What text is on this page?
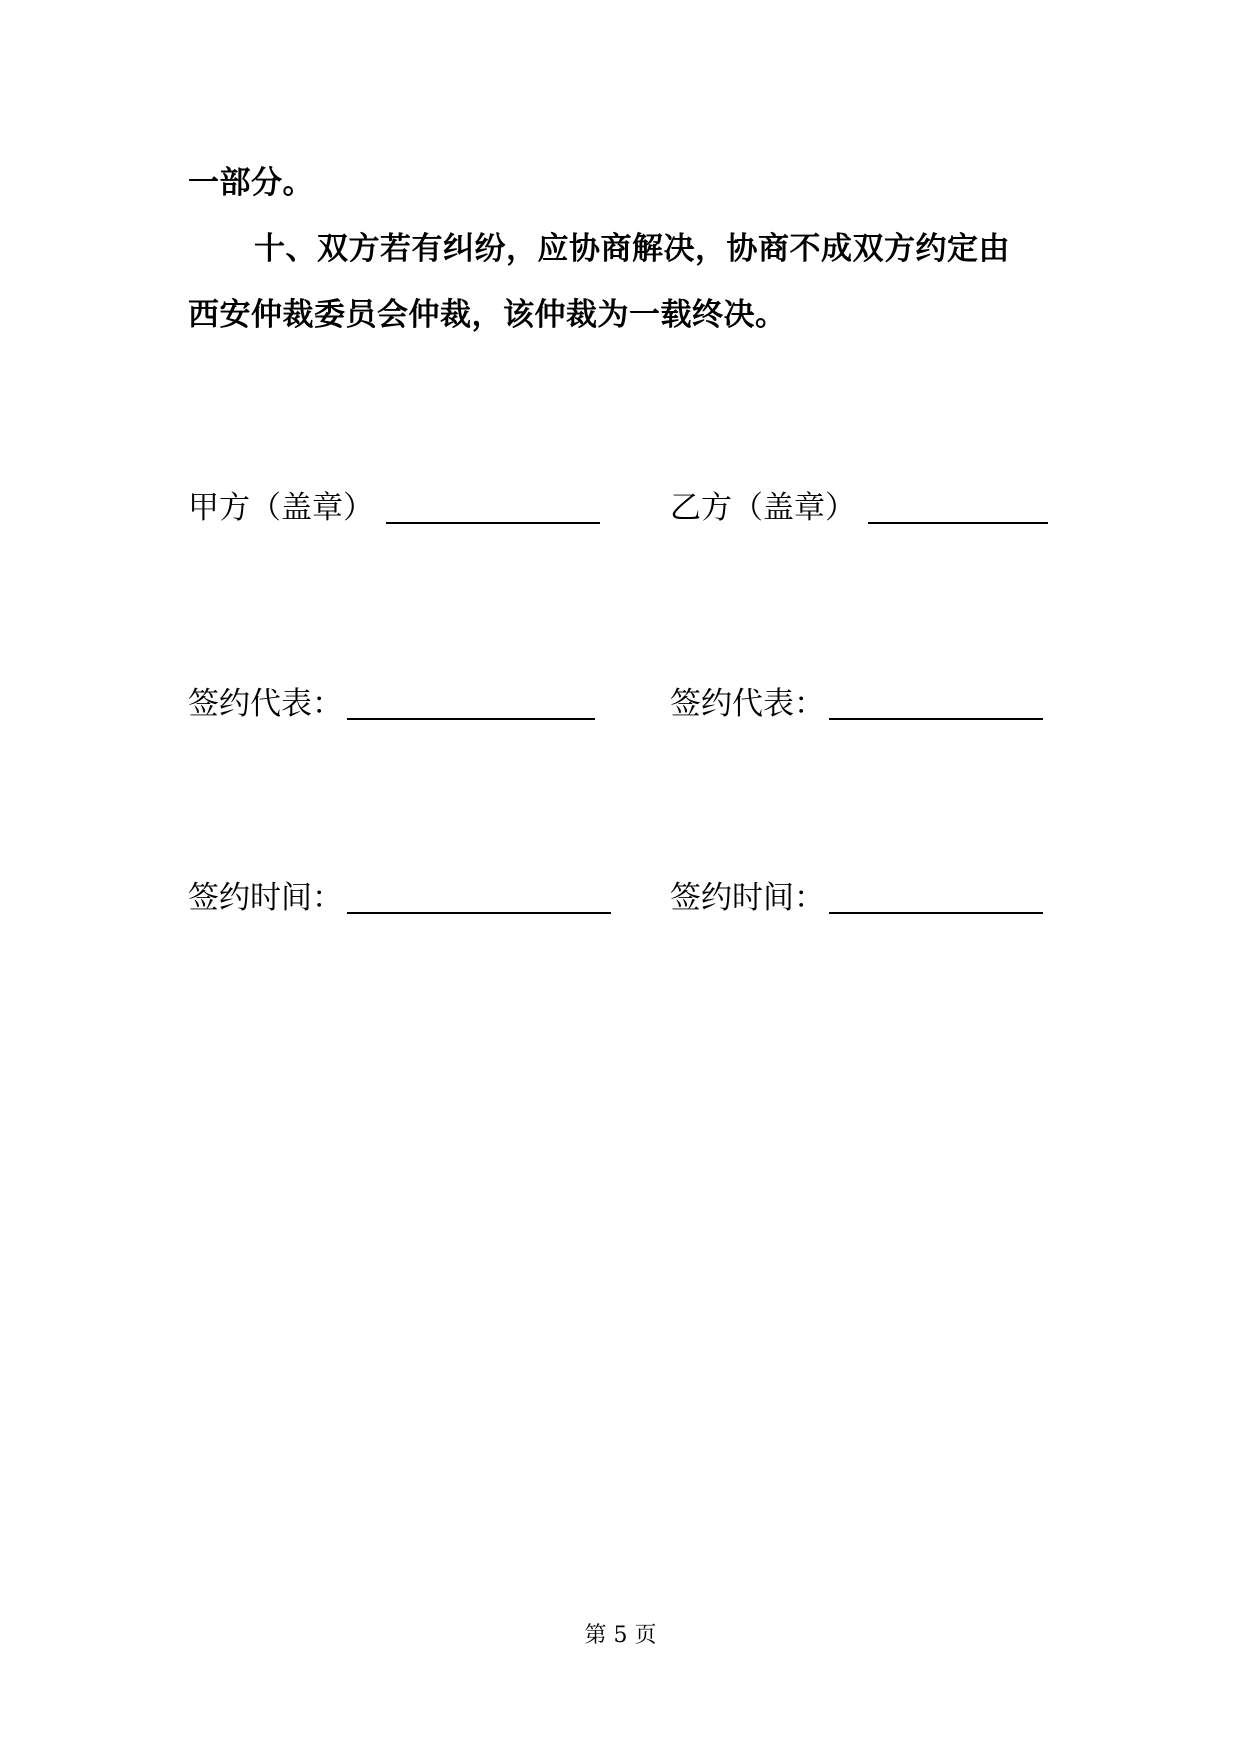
一部分。
十、双方若有纠纷，应协商解决，协商不成双方约定由
西安仲裁委员会仲裁，该仲裁为一载终决。
甲方（盖章）	乙方（盖章）
签约代表：	签约代表：
签约时间：	签约时间：
第 5 页
